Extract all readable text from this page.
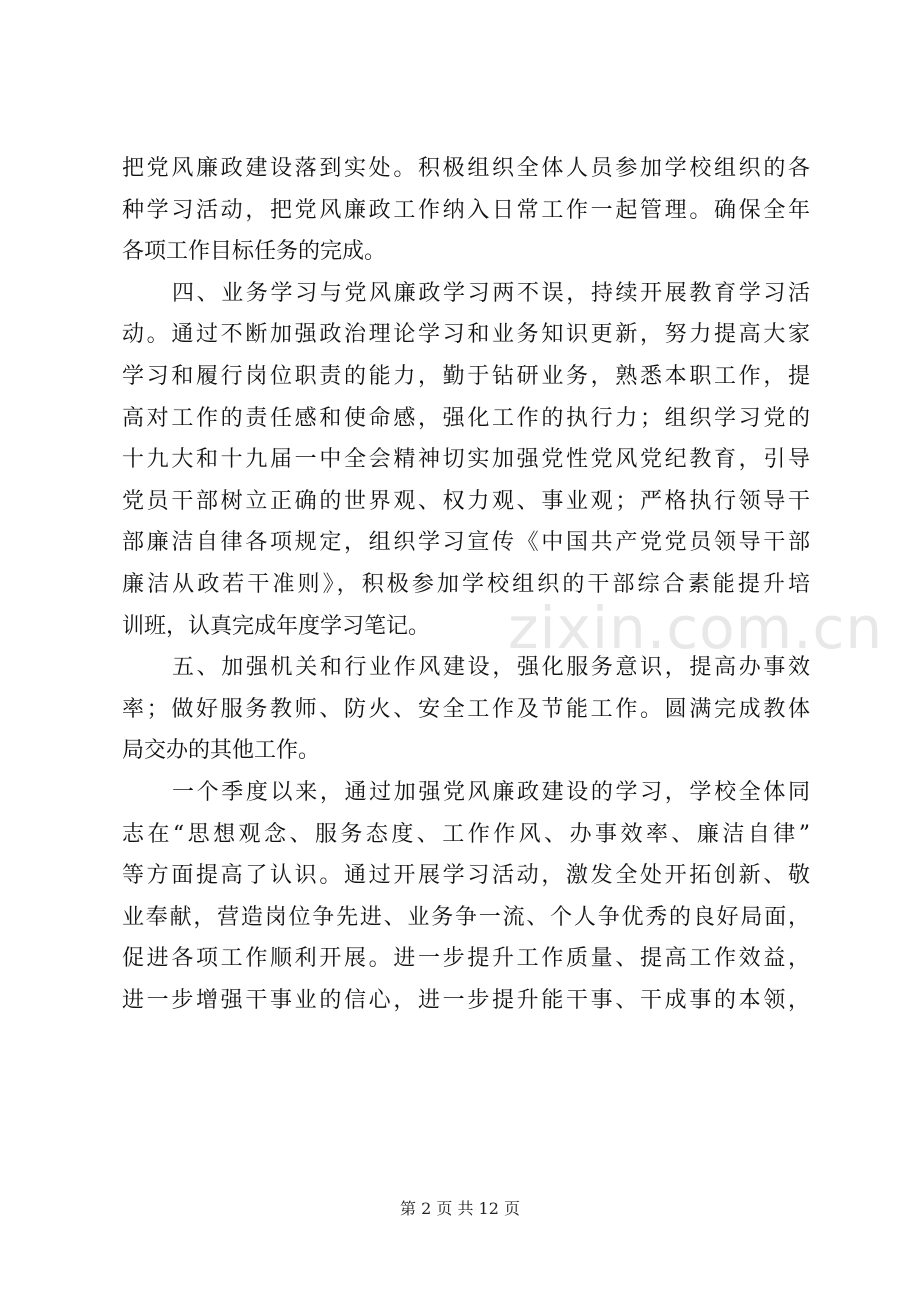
zixin.com.cn
把党风廉政建设落到实处。积极组织全体人员参加学校组织的各
种学习活动，把党风廉政工作纳入日常工作一起管理。确保全年
各项工作目标任务的完成。
四、业务学习与党风廉政学习两不误，持续开展教育学习活
动。通过不断加强政治理论学习和业务知识更新，努力提高大家
学习和履行岗位职责的能力，勤于钻研业务，熟悉本职工作，提
高对工作的责任感和使命感，强化工作的执行力；组织学习党的
十九大和十九届一中全会精神切实加强党性党风党纪教育，引导
党员干部树立正确的世界观、权力观、事业观；严格执行领导干
部廉洁自律各项规定，组织学习宣传《中国共产党党员领导干部
廉洁从政若干准则》，积极参加学校组织的干部综合素能提升培
训班，认真完成年度学习笔记。
五、加强机关和行业作风建设，强化服务意识，提高办事效
率；做好服务教师、防火、安全工作及节能工作。圆满完成教体
局交办的其他工作。
一个季度以来，通过加强党风廉政建设的学习，学校全体同
志在“思想观念、服务态度、工作作风、办事效率、廉洁自律”
等方面提高了认识。通过开展学习活动，激发全处开拓创新、敬
业奉献，营造岗位争先进、业务争一流、个人争优秀的良好局面，
促进各项工作顺利开展。进一步提升工作质量、提高工作效益，
进一步增强干事业的信心，进一步提升能干事、干成事的本领，
第 2 页 共 12 页
